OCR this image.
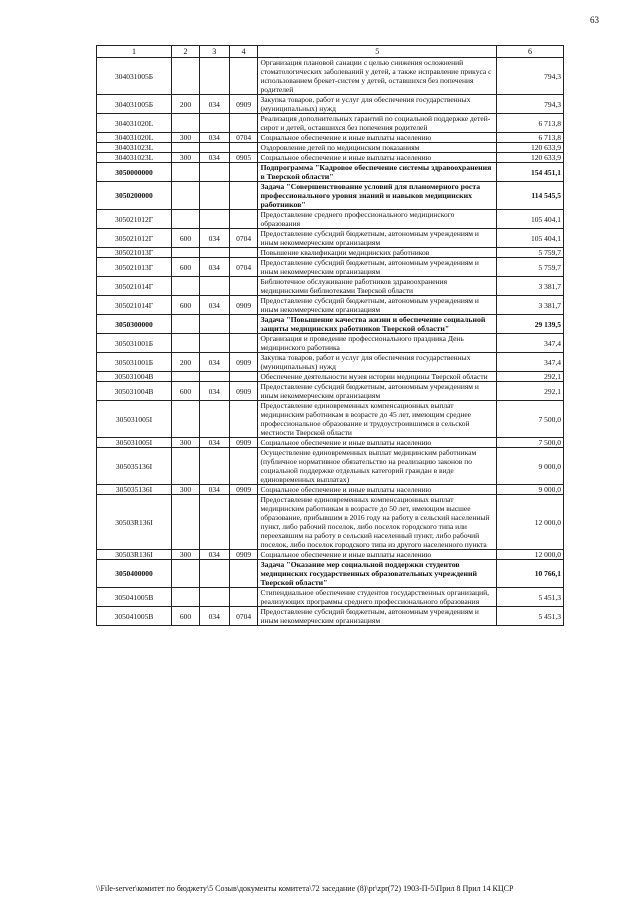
63
1	2	3	4	5	6
304031005Б				Организация плановой санации с целью снижения осложнений стоматологических заболеваний у детей, а также исправление прикуса с использованием брекет-систем у детей, оставшихся без попечения родителей	794,3
304031005Б	200	034	0909	Закупка товаров, работ и услуг для обеспечения государственных (муниципальных) нужд	794,3
304031020L				Реализация дополнительных гарантий по социальной поддержке детей-сирот и детей, оставшихся без попечения родителей	6 713,8
304031020L	300	034	0704	Социальное обеспечение и иные выплаты населению	6 713,8
304031023L				Оздоровление детей по медицинским показаниям	120 633,9
304031023L	300	034	0905	Социальное обеспечение и иные выплаты населению	120 633,9
3050000000				Подпрограмма "Кадровое обеспечение системы здравоохранения в Тверской области"	154 451,1
3050200000				Задача "Совершенствование условий для планомерного роста профессионального уровня знаний и навыков медицинских работников"	114 545,5
305021012Г				Предоставление среднего профессионального медицинского образования	105 404,1
305021012Г	600	034	0704	Предоставление субсидий бюджетным, автономным учреждениям и иным некоммерческим организациям	105 404,1
305021013Г				Повышение квалификации медицинских работников	5 759,7
305021013Г	600	034	0704	Предоставление субсидий бюджетным, автономным учреждениям и иным некоммерческим организациям	5 759,7
305021014Г				Библиотечное обслуживание работников здравоохранения медицинскими библиотеками Тверской области	3 381,7
305021014Г	600	034	0909	Предоставление субсидий бюджетным, автономным учреждениям и иным некоммерческим организациям	3 381,7
3050300000				Задача "Повышение качества жизни и обеспечение социальной защиты медицинских работников Тверской области"	29 139,5
305031001Б				Организация и проведение профессионального праздника День медицинского работника	347,4
305031001Б	200	034	0909	Закупка товаров, работ и услуг для обеспечения государственных (муниципальных) нужд	347,4
305031004В				Обеспечение деятельности музея истории медицины Тверской области	292,1
305031004В	600	034	0909	Предоставление субсидий бюджетным, автономным учреждениям и иным некоммерческим организациям	292,1
305031005I				Предоставление единовременных компенсационных выплат медицинским работникам в возрасте до 45 лет, имеющим среднее профессиональное образование и трудоустроившимся в сельской местности Тверской области	7 500,0
305031005I	300	034	0909	Социальное обеспечение и иные выплаты населению	7 500,0
305035136I				Осуществление единовременных выплат медицинским работникам (публичное нормативное обязательство на реализацию законов по социальной поддержке отдельных категорий граждан в виде единовременных выплатах)	9 000,0
305035136I	300	034	0909	Социальное обеспечение и иные выплаты населению	9 000,0
30503R136I				Предоставление единовременных компенсационных выплат медицинским работникам в возрасте до 50 лет, имеющим высшее образование, прибывшим в 2016 году на работу в сельский населенный пункт, либо рабочий поселок, либо поселок городского типа или переехавшим на работу в сельский населенный пункт, либо рабочий поселок, либо поселок городского типа из другого населенного пункта	12 000,0
30503R136I	300	034	0909	Социальное обеспечение и иные выплаты населению	12 000,0
3050400000				Задача "Оказание мер социальной поддержки студентов медицинских государственных образовательных учреждений Тверской области"	10 766,1
305041005В				Стипендиальное обеспечение студентов государственных организаций, реализующих программы среднего профессионального образования	5 451,3
305041005В	600	034	0704	Предоставление субсидий бюджетным, автономным учреждениям и иным некоммерческим организациям	5 451,3
\\File-server\комитет по бюджету\5 Созыв\документы комитета\72 заседание (8)\pr\zpr(72) 1903-П-5\Прил 8 Прил 14 КЦСР
